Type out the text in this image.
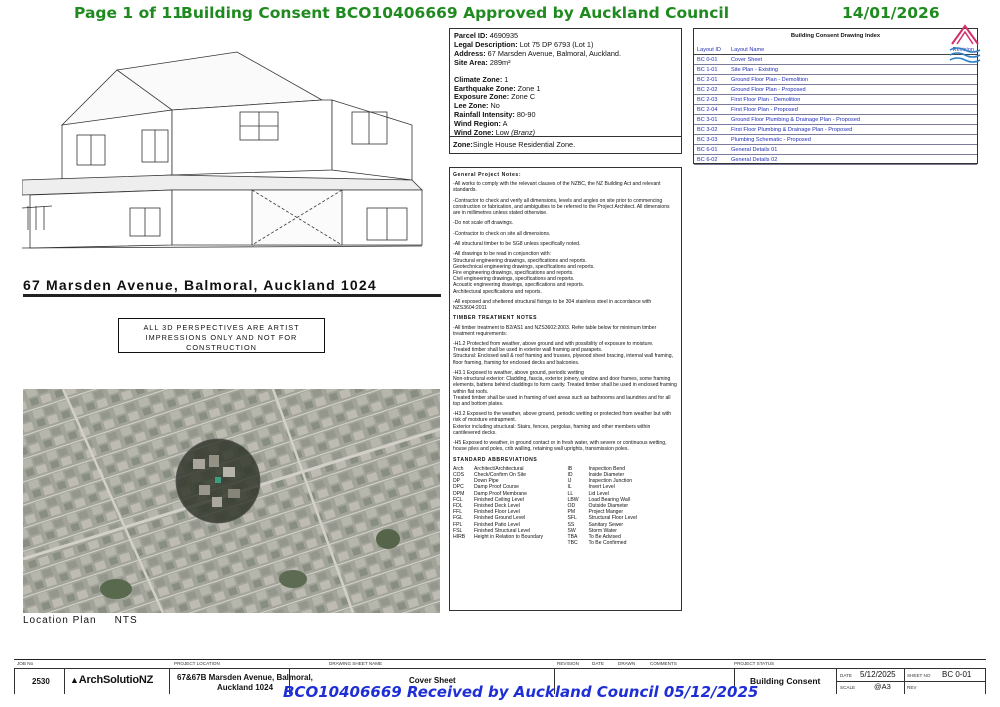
Page 1 of 11
Building Consent BCO10406669 Approved by Auckland Council	14/01/2026
67 Marsden Avenue, Balmoral, Auckland 1024
ALL 3D PERSPECTIVES ARE ARTIST
IMPRESSIONS ONLY AND NOT FOR
CONSTRUCTION
Location Plan NTS
Parcel ID: 4690935
Legal Description: Lot 75 DP 6793 (Lot 1)
Address: 67 Marsden Avenue, Balmoral, Auckland.
Site Area: 289m²
Climate Zone: 1
Earthquake Zone: Zone 1
Exposure Zone: Zone C
Lee Zone: No
Rainfall Intensity: 80-90
Wind Region: A
Wind Zone: Low (Branz)
Zone:Single House Residential Zone.
General Project Notes:

-All works to comply with the relevant clauses of the NZBC, the NZ Building Act and relevant standards.

-Contractor to check and verify all dimensions, levels and angles on site prior to commencing construction or fabrication, and ambiguities to be referred to the Project Architect. All dimensions are in millimetres unless stated otherwise.

-Do not scale off drawings.

-Contractor to check on site all dimensions.

-All structural timber to be SG8 unless specifically noted.

-All drawings to be read in conjunction with:
Structural engineering drawings, specifications and reports.
Geotechnical engineering drawings, specifications and reports.
Fire engineering drawings, specifications and reports.
Civil engineering drawings, specifications and reports.
Acoustic engineering drawings, specifications and reports.
Architectural specifications and reports.

-All exposed and sheltered structural fixings to be 304 stainless steel in accordance with NZS3604:2011

TIMBER TREATMENT NOTES

-All timber treatment to B2/AS1 and NZS3602:2003. Refer table below for minimum timber treatment requirements:

-H1.2 Protected from weather, above ground and with possibility of exposure to moisture.
Treated timber shall be used in exterior wall framing and parapets.
Structural: Enclosed wall & roof framing and trusses, plywood sheet bracing, internal wall framing, floor framing, framing for enclosed decks and balconies.

-H3.1 Exposed to weather, above ground, periodic wetting
Non-structural exterior: Cladding, fascia, exterior joinery, window and door frames, some framing elements, battens behind claddings to form cavity. Treated timber shall be used in enclosed framing within flat roofs.
Treated timber shall be used in framing of wet areas such as bathrooms and laundries and for all top and bottom plates.

-H3.2 Exposed to the weather, above ground, periodic wetting or protected from weather but with risk of moisture entrapment.
Exterior including structural: Stairs, fences, pergolas, framing and other members within cantilevered decks.

-H5 Exposed to weather, in ground contact or in fresh water, with severe or continuous wetting, house piles and poles, crib walling, retaining wall uprights, transmission poles.

STANDARD ABBREVIATIONS
Arch	Architect/Architectural
COS	Check/Confirm On Site
DP	Down Pipe
DPC	Damp Proof Course
DPM	Damp Proof Membrane
FCL	Finished Ceiling Level
FDL	Finished Deck Level
FFL	Finished Floor Level
FGL	Finished Ground Level
FPL	Finished Patio Level
FSL	Finished Structural Level
HIRB	Height in Relation to Boundary
IB	Inspection Bend
ID	Inside Diameter
IJ	Inspection Junction
IL	Invert Level
LL	Lid Level
LBW	Load Bearing Wall
OD	Outside Diameter
PM	Project Manger
SFL	Structural Floor Level
SS	Sanitary Sewer
SW	Storm Water
TBA	To Be Advised
TBC	To Be Confirmed
Building Consent Drawing Index
Layout ID	Layout Name	Revision
BC 0-01	Cover Sheet	
BC 1-01	Site Plan - Existing	
BC 2-01	Ground Floor Plan - Demolition	
BC 2-02	Ground Floor Plan - Proposed	
BC 2-03	First Floor Plan - Demolition	
BC 2-04	First Floor Plan - Proposed	
BC 3-01	Ground Floor Plumbing & Drainage Plan - Proposed	
BC 3-02	First Floor Plumbing & Drainage Plan - Proposed	
BC 3-03	Plumbing Schematic - Proposed	
BC 6-01	General Details 01	
BC 6-02	General Details 02	
JOB No	PROJECT LOCATION	DRAWING SHEET NAME	REVISION	DATE	DRAWN	COMMENTS	PROJECT STATUS
2530 ▲ArchSolutioNZ	67&67B Marsden Avenue, Balmoral,
Auckland 1024
Cover Sheet	Building Consent
DATE 5/12/2025
SCALE	@A3
SHEET NO BC 0-01
REV
BCO10406669 Received by Auckland Council 05/12/2025
